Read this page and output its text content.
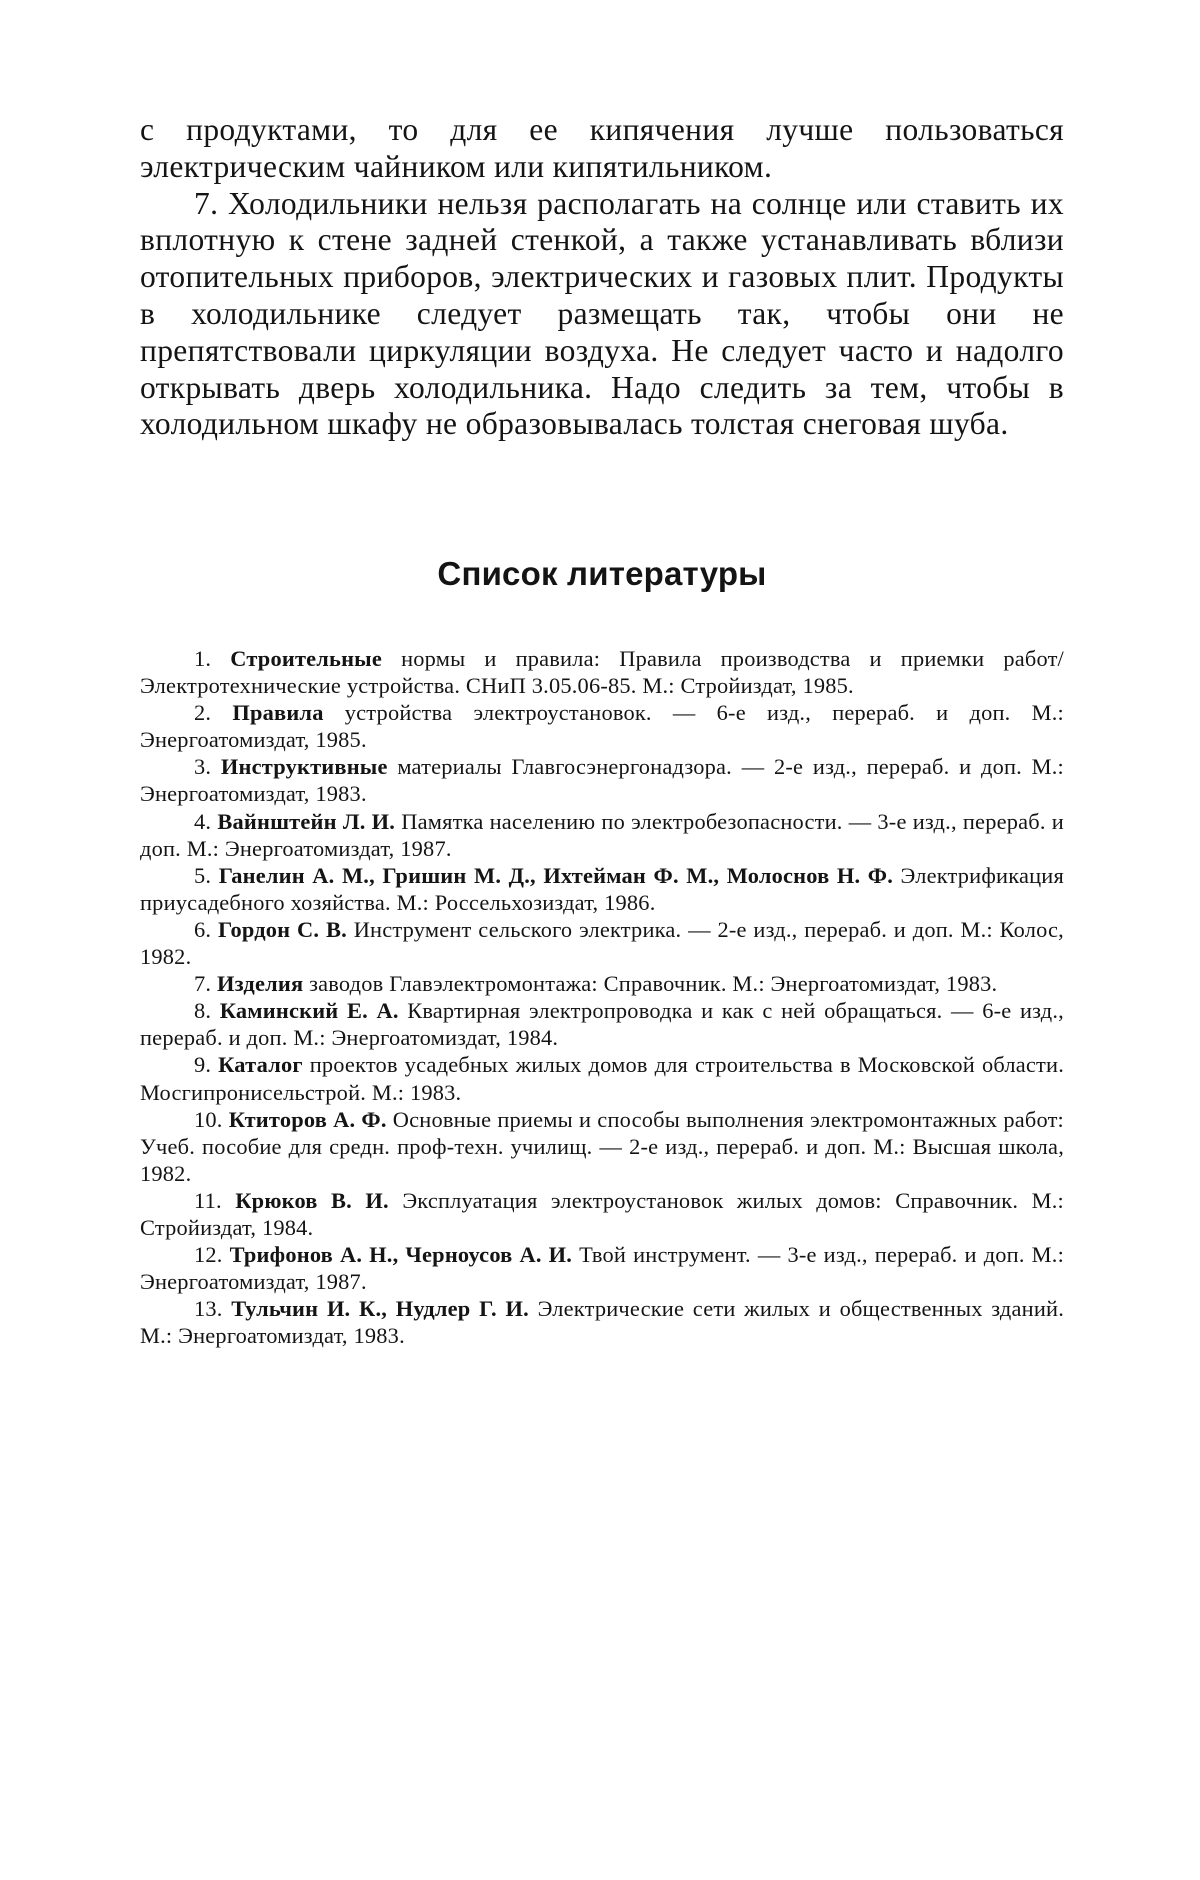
с продуктами, то для ее кипячения лучше пользоваться электрическим чайником или кипятильником.

7. Холодильники нельзя располагать на солнце или ставить их вплотную к стене задней стенкой, а также устанавливать вблизи отопительных приборов, электрических и газовых плит. Продукты в холодильнике следует размещать так, чтобы они не препятствовали циркуляции воздуха. Не следует часто и надолго открывать дверь холодильника. Надо следить за тем, чтобы в холодильном шкафу не образовывалась толстая снеговая шуба.

Список литературы
1. Строительные нормы и правила: Правила производства и приемки работ/Электротехнические устройства. СНиП 3.05.06-85. М.: Стройиздат, 1985.
2. Правила устройства электроустановок. — 6-е изд., перераб. и доп. М.: Энергоатомиздат, 1985.
3. Инструктивные материалы Главгосэнергонадзора. — 2-е изд., перераб. и доп. М.: Энергоатомиздат, 1983.
4. Вайнштейн Л. И. Памятка населению по электробезопасности. — 3-е изд., перераб. и доп. М.: Энергоатомиздат, 1987.
5. Ганелин А. М., Гришин М. Д., Ихтейман Ф. М., Молоснов Н. Ф. Электрификация приусадебного хозяйства. М.: Россельхозиздат, 1986.
6. Гордон С. В. Инструмент сельского электрика. — 2-е изд., перераб. и доп. М.: Колос, 1982.
7. Изделия заводов Главэлектромонтажа: Справочник. М.: Энергоатомиздат, 1983.
8. Каминский Е. А. Квартирная электропроводка и как с ней обращаться. — 6-е изд., перераб. и доп. М.: Энергоатомиздат, 1984.
9. Каталог проектов усадебных жилых домов для строительства в Московской области. Мосгипронисельстрой. М.: 1983.
10. Ктиторов А. Ф. Основные приемы и способы выполнения электромонтажных работ: Учеб. пособие для средн. проф-техн. училищ. — 2-е изд., перераб. и доп. М.: Высшая школа, 1982.
11. Крюков В. И. Эксплуатация электроустановок жилых домов: Справочник. М.: Стройиздат, 1984.
12. Трифонов А. Н., Черноусов А. И. Твой инструмент. — 3-е изд., перераб. и доп. М.: Энергоатомиздат, 1987.
13. Тульчин И. К., Нудлер Г. И. Электрические сети жилых и общественных зданий. М.: Энергоатомиздат, 1983.
